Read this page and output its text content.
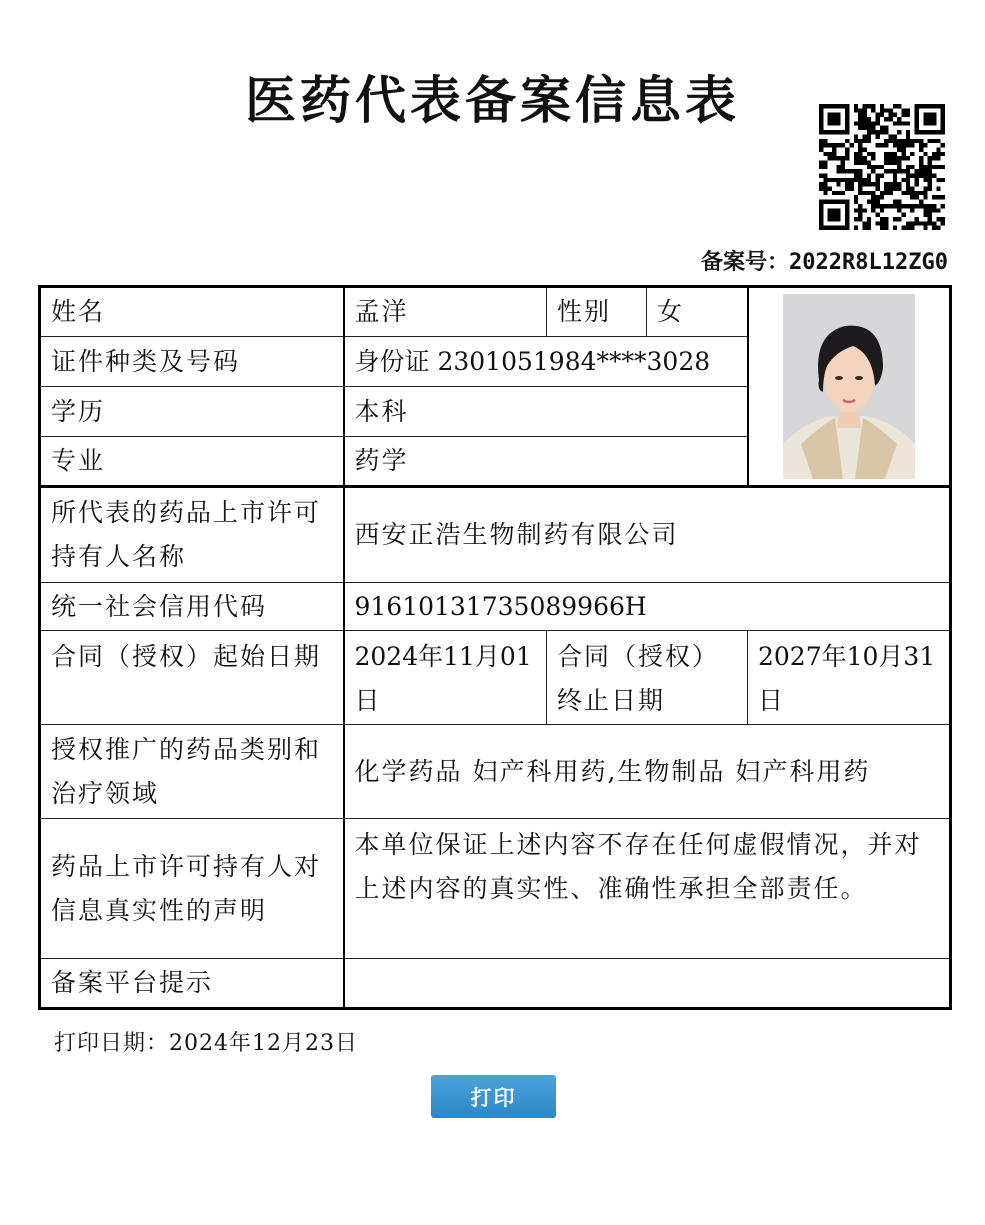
医药代表备案信息表
备案号：2022R8L12ZG0
姓名	孟洋	性别	女	

证件种类及号码	身份证 2301051984****3028			
学历	本科			
专业	药学			
所代表的药品上市许可持有人名称	西安正浩生物制药有限公司			
统一社会信用代码	91610131735089966H			
合同（授权）起始日期	2024年11月01日	合同（授权）终止日期		2027年10月31日
授权推广的药品类别和治疗领域	化学药品 妇产科用药,生物制品 妇产科用药			
药品上市许可持有人对信息真实性的声明	本单位保证上述内容不存在任何虚假情况，并对上述内容的真实性、准确性承担全部责任。			
备案平台提示				
打印日期：2024年12月23日
打印
